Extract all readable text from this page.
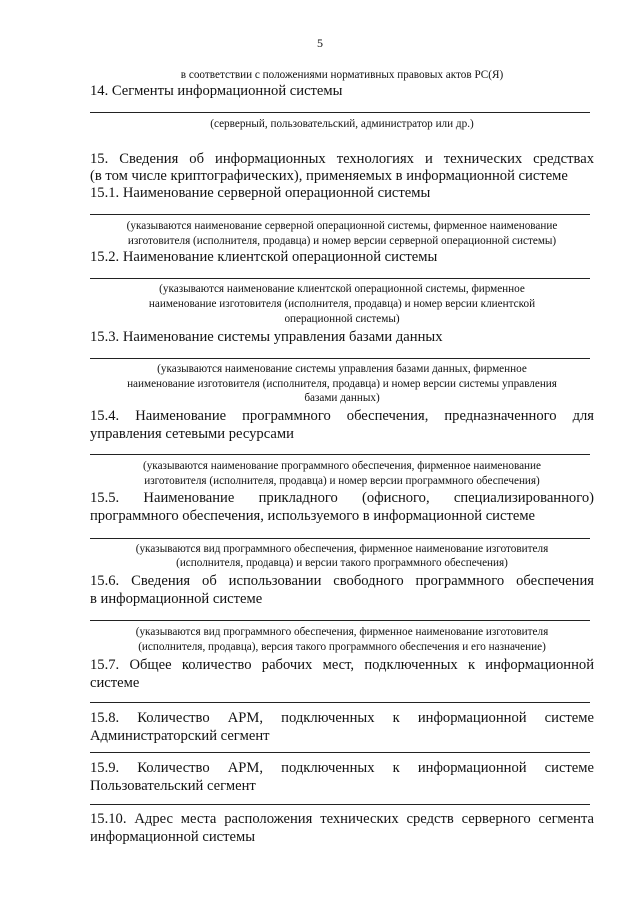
5
в соответствии с положениями нормативных правовых актов РС(Я)
14. Сегменты информационной системы
(серверный, пользовательский, администратор или др.)
15. Сведения об информационных технологиях и технических средствах
(в том числе криптографических), применяемых в информационной системе
15.1. Наименование серверной операционной системы
(указываются наименование серверной операционной системы, фирменное наименование
изготовителя (исполнителя, продавца) и номер версии серверной операционной системы)
15.2. Наименование клиентской операционной системы
(указываются наименование клиентской операционной системы, фирменное
наименование изготовителя (исполнителя, продавца) и номер версии клиентской
операционной системы)
15.3. Наименование системы управления базами данных
(указываются наименование системы управления базами данных, фирменное
наименование изготовителя (исполнителя, продавца) и номер версии системы управления
базами данных)
15.4. Наименование программного обеспечения, предназначенного для
управления сетевыми ресурсами
(указываются наименование программного обеспечения, фирменное наименование
изготовителя (исполнителя, продавца) и номер версии программного обеспечения)
15.5. Наименование прикладного (офисного, специализированного)
программного обеспечения, используемого в информационной системе
(указываются вид программного обеспечения, фирменное наименование изготовителя
(исполнителя, продавца) и версии такого программного обеспечения)
15.6. Сведения об использовании свободного программного обеспечения
в информационной системе
(указываются вид программного обеспечения, фирменное наименование изготовителя
(исполнителя, продавца), версия такого программного обеспечения и его назначение)
15.7. Общее количество рабочих мест, подключенных к информационной
системе
15.8. Количество АРМ, подключенных к информационной системе
Администраторский сегмент
15.9. Количество АРМ, подключенных к информационной системе
Пользовательский сегмент
15.10. Адрес места расположения технических средств серверного сегмента
информационной системы
